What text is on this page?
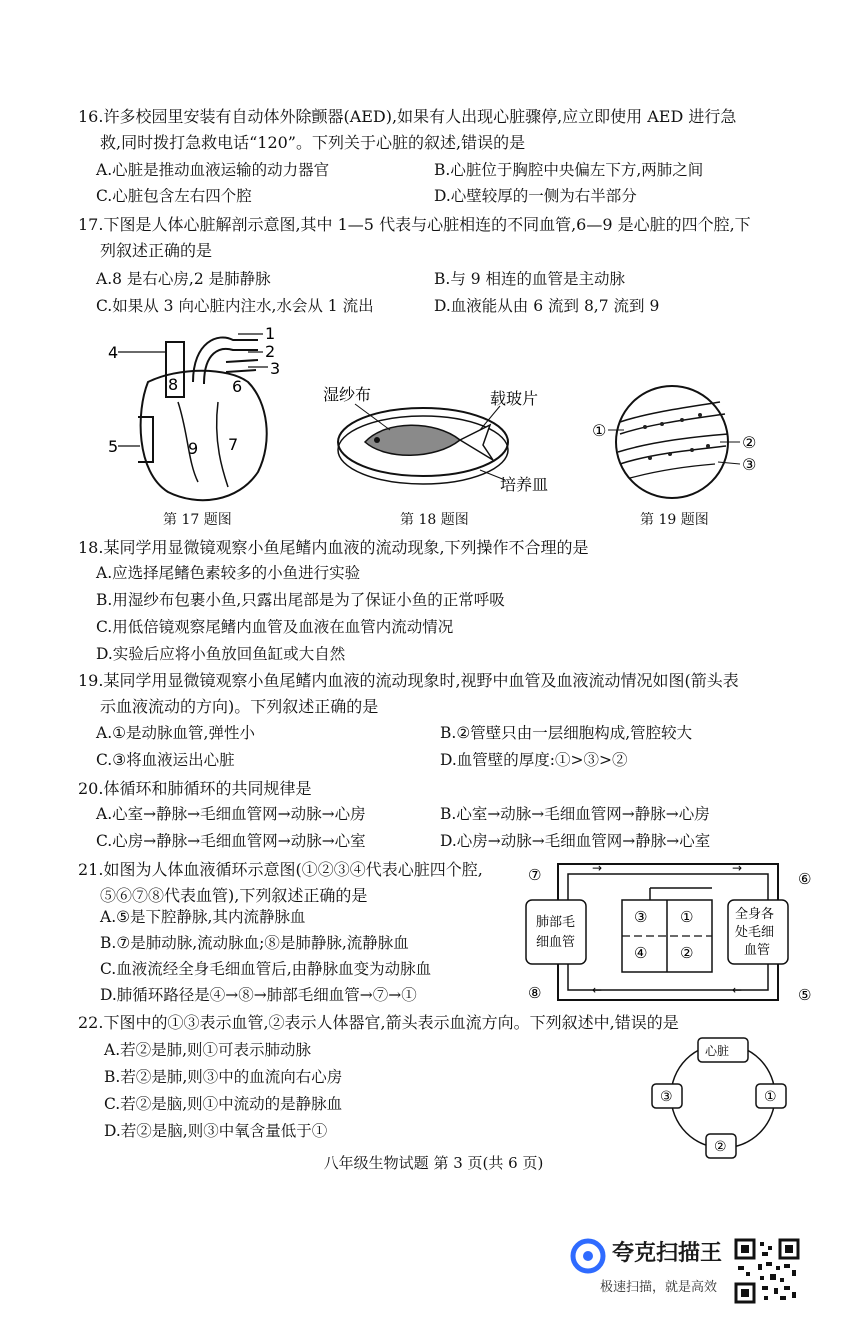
16.许多校园里安装有自动体外除颤器(AED),如果有人出现心脏骤停,应立即使用 AED 进行急
救,同时拨打急救电话“120”。下列关于心脏的叙述,错误的是
A.心脏是推动血液运输的动力器官	B.心脏位于胸腔中央偏左下方,两肺之间
C.心脏包含左右四个腔	D.心壁较厚的一侧为右半部分
17.下图是人体心脏解剖示意图,其中 1—5 代表与心脏相连的不同血管,6—9 是心脏的四个腔,下
列叙述正确的是
A.8 是右心房,2 是肺静脉	B.与 9 相连的血管是主动脉
C.如果从 3 向心脏内注水,水会从 1 流出	D.血液能从由 6 流到 8,7 流到 9
1
2
3
4
5
6
7
8
9
第 17 题图
湿纱布	载玻片
培养皿
第 18 题图
①
②
③
第 19 题图
18.某同学用显微镜观察小鱼尾鳍内血液的流动现象,下列操作不合理的是
A.应选择尾鳍色素较多的小鱼进行实验
B.用湿纱布包裹小鱼,只露出尾部是为了保证小鱼的正常呼吸
C.用低倍镜观察尾鳍内血管及血液在血管内流动情况
D.实验后应将小鱼放回鱼缸或大自然
19.某同学用显微镜观察小鱼尾鳍内血液的流动现象时,视野中血管及血液流动情况如图(箭头表
示血液流动的方向)。下列叙述正确的是
A.①是动脉血管,弹性小	B.②管壁只由一层细胞构成,管腔较大
C.③将血液运出心脏	D.血管壁的厚度:①>③>②
20.体循环和肺循环的共同规律是
A.心室→静脉→毛细血管网→动脉→心房	B.心室→动脉→毛细血管网→静脉→心房
C.心房→静脉→毛细血管网→动脉→心室	D.心房→动脉→毛细血管网→静脉→心室
21.如图为人体血液循环示意图(①②③④代表心脏四个腔,
⑤⑥⑦⑧代表血管),下列叙述正确的是
A.⑤是下腔静脉,其内流静脉血
B.⑦是肺动脉,流动脉血;⑧是肺静脉,流静脉血
C.血液流经全身毛细血管后,由静脉血变为动脉血
D.肺循环路径是④→⑧→肺部毛细血管→⑦→①
→	→
←	←
肺部毛
细血管
全身各
处毛细
血管
③ ①
④ ②
⑦	⑥
⑧	⑤
22.下图中的①③表示血管,②表示人体器官,箭头表示血流方向。下列叙述中,错误的是
A.若②是肺,则①可表示肺动脉
B.若②是肺,则③中的血流向右心房
C.若②是脑,则①中流动的是静脉血
D.若②是脑,则③中氧含量低于①
心脏
③	①
②
八年级生物试题 第 3 页(共 6 页)
夸克扫描王
极速扫描，就是高效
